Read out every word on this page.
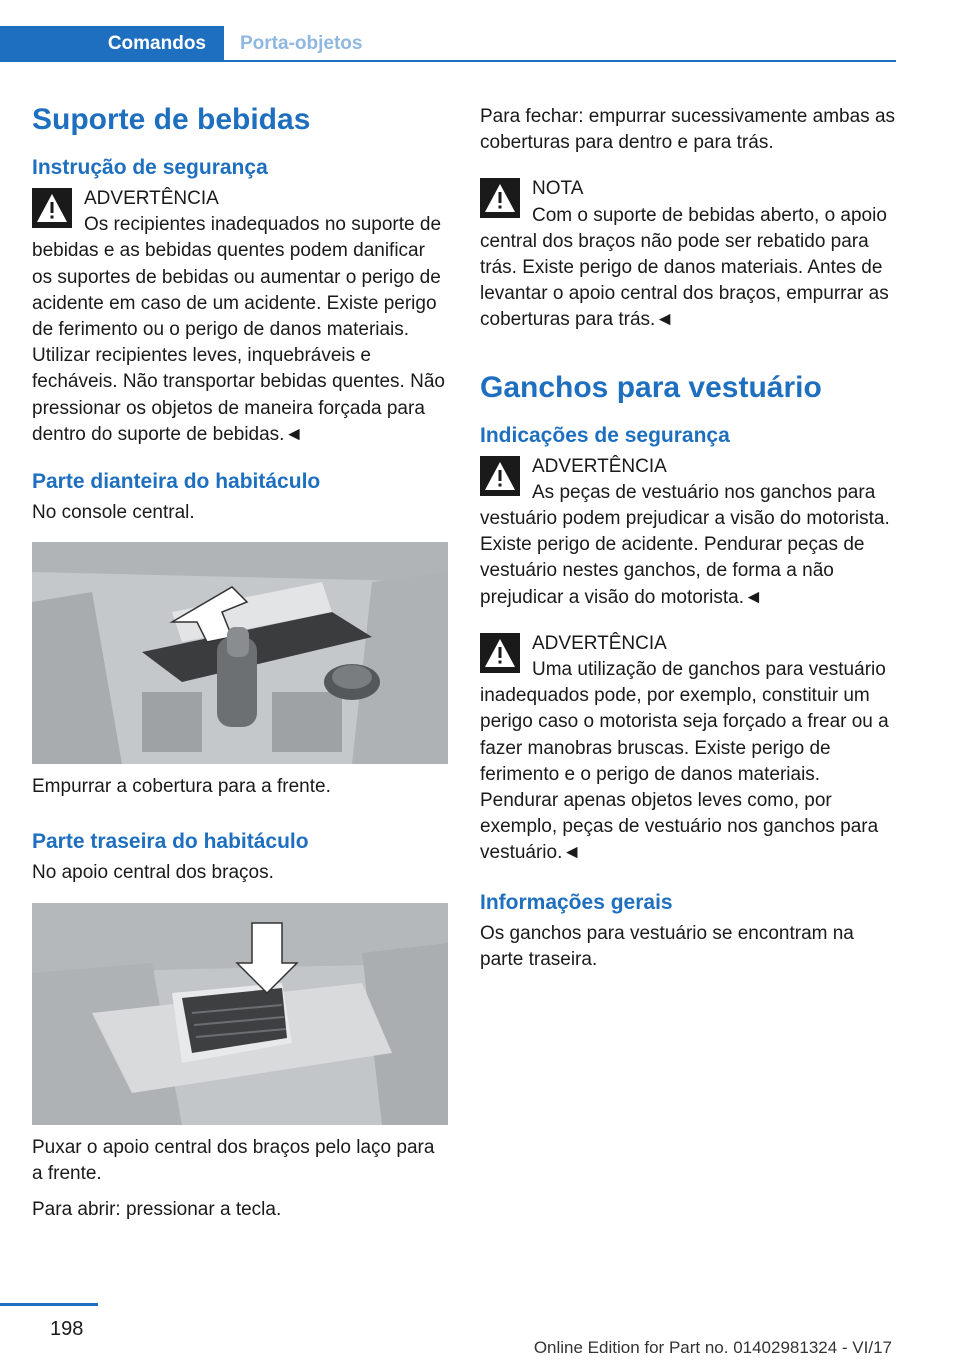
Comandos	Porta-objetos
Suporte de bebidas
Instrução de segurança

ADVERTÊNCIA
Os recipientes inadequados no suporte de bebidas e as bebidas quentes podem danificar os suportes de bebidas ou aumentar o perigo de acidente em caso de um acidente. Existe perigo de ferimento ou o perigo de danos materiais. Utilizar recipientes leves, inquebráveis e fecháveis. Não transportar bebidas quentes. Não pressionar os objetos de maneira forçada para dentro do suporte de bebidas.◄

Parte dianteira do habitáculo

No console central.

Empurrar a cobertura para a frente.

Parte traseira do habitáculo

No apoio central dos braços.

Puxar o apoio central dos braços pelo laço para a frente.

Para abrir: pressionar a tecla.

Para fechar: empurrar sucessivamente ambas as coberturas para dentro e para trás.

NOTA
Com o suporte de bebidas aberto, o apoio central dos braços não pode ser rebatido para trás. Existe perigo de danos materiais. Antes de levantar o apoio central dos braços, empurrar as coberturas para trás.◄

Ganchos para vestuário
Indicações de segurança

ADVERTÊNCIA
As peças de vestuário nos ganchos para vestuário podem prejudicar a visão do motorista. Existe perigo de acidente. Pendurar peças de vestuário nestes ganchos, de forma a não prejudicar a visão do motorista.◄

ADVERTÊNCIA
Uma utilização de ganchos para vestuário inadequados pode, por exemplo, constituir um perigo caso o motorista seja forçado a frear ou a fazer manobras bruscas. Existe perigo de ferimento e o perigo de danos materiais. Pendurar apenas objetos leves como, por exemplo, peças de vestuário nos ganchos para vestuário.◄

Informações gerais

Os ganchos para vestuário se encontram na parte traseira.

198
Online Edition for Part no. 01402981324 - VI/17
